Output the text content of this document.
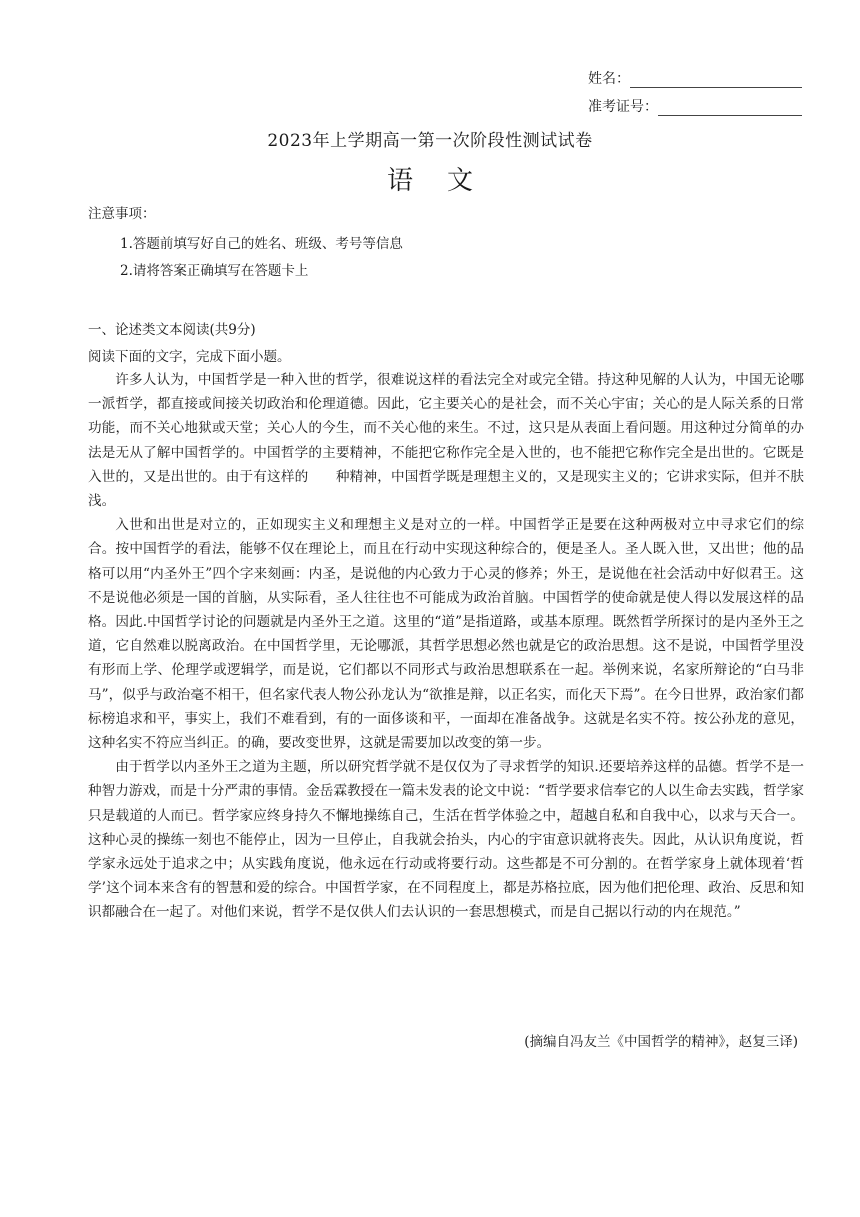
姓名：
准考证号：
2023年上学期高一第一次阶段性测试试卷
语文
注意事项：
1.答题前填写好自己的姓名、班级、考号等信息
2.请将答案正确填写在答题卡上
一、论述类文本阅读(共9分)
阅读下面的文字，完成下面小题。

许多人认为，中国哲学是一种入世的哲学，很难说这样的看法完全对或完全错。持这种见解的人认为，中国无论哪一派哲学，都直接或间接关切政治和伦理道德。因此，它主要关心的是社会，而不关心宇宙；关心的是人际关系的日常功能，而不关心地狱或天堂；关心人的今生，而不关心他的来生。不过，这只是从表面上看问题。用这种过分简单的办法是无从了解中国哲学的。中国哲学的主要精神，不能把它称作完全是入世的，也不能把它称作完全是出世的。它既是入世的，又是出世的。由于有这样的　　种精神，中国哲学既是理想主义的，又是现实主义的；它讲求实际，但并不肤浅。

入世和出世是对立的，正如现实主义和理想主义是对立的一样。中国哲学正是要在这种两极对立中寻求它们的综合。按中国哲学的看法，能够不仅在理论上，而且在行动中实现这种综合的，便是圣人。圣人既入世，又出世；他的品格可以用“内圣外王”四个字来刻画：内圣，是说他的内心致力于心灵的修养；外王，是说他在社会活动中好似君王。这不是说他必须是一国的首脑，从实际看，圣人往往也不可能成为政治首脑。中国哲学的使命就是使人得以发展这样的品格。因此.中国哲学讨论的问题就是内圣外王之道。这里的“道”是指道路，或基本原理。既然哲学所探讨的是内圣外王之道，它自然难以脱离政治。在中国哲学里，无论哪派，其哲学思想必然也就是它的政治思想。这不是说，中国哲学里没有形而上学、伦理学或逻辑学，而是说，它们都以不同形式与政治思想联系在一起。举例来说，名家所辩论的“白马非马”，似乎与政治毫不相干，但名家代表人物公孙龙认为“欲推是辩，以正名实，而化天下焉”。在今日世界，政治家们都标榜追求和平，事实上，我们不难看到，有的一面侈谈和平，一面却在准备战争。这就是名实不符。按公孙龙的意见，这种名实不符应当纠正。的确，要改变世界，这就是需要加以改变的第一步。

由于哲学以内圣外王之道为主题，所以研究哲学就不是仅仅为了寻求哲学的知识.还要培养这样的品德。哲学不是一种智力游戏，而是十分严肃的事情。金岳霖教授在一篇未发表的论文中说：“哲学要求信奉它的人以生命去实践，哲学家只是载道的人而已。哲学家应终身持久不懈地操练自己，生活在哲学体验之中，超越自私和自我中心，以求与天合一。这种心灵的操练一刻也不能停止，因为一旦停止，自我就会抬头，内心的宇宙意识就将丧失。因此，从认识角度说，哲学家永远处于追求之中；从实践角度说，他永远在行动或将要行动。这些都是不可分割的。在哲学家身上就体现着‘哲学’这个词本来含有的智慧和爱的综合。中国哲学家，在不同程度上，都是苏格拉底，因为他们把伦理、政治、反思和知识都融合在一起了。对他们来说，哲学不是仅供人们去认识的一套思想模式，而是自己据以行动的内在规范。”

(摘编自冯友兰《中国哲学的精神》，赵复三译)
